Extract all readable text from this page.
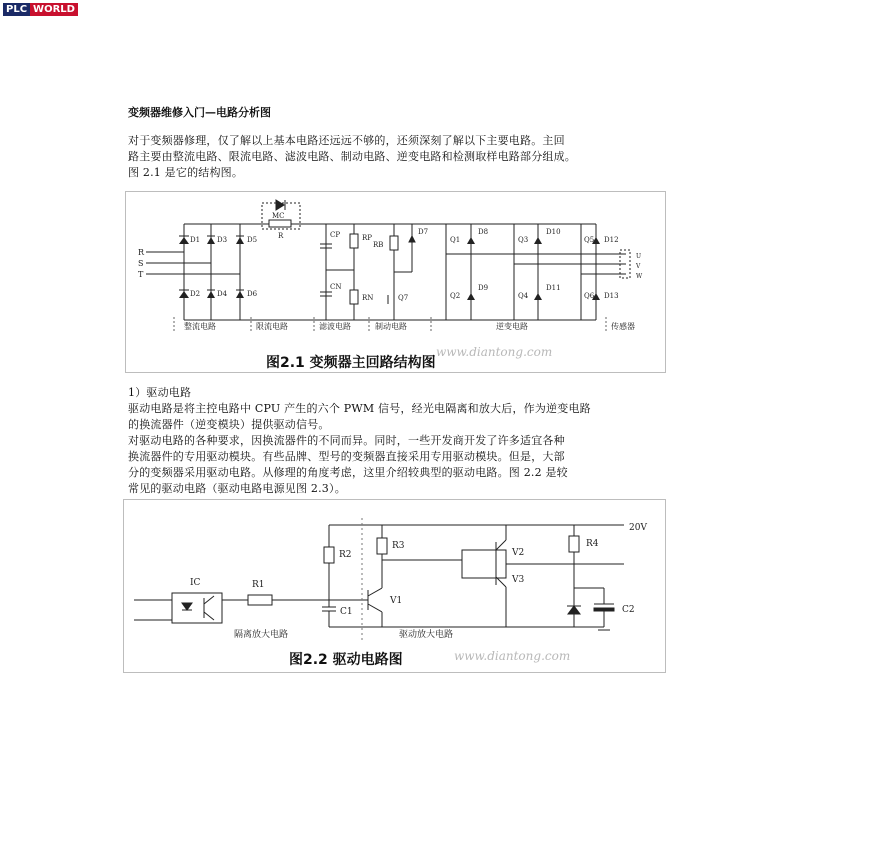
PLC WORLD
变频器维修入门—电路分析图
对于变频器修理，仅了解以上基本电路还远远不够的，还须深刻了解以下主要电路。主回
路主要由整流电路、限流电路、滤波电路、制动电路、逆变电路和检测取样电路部分组成。
图 2.1 是它的结构图。
R
S
T
D1 D3	D5
D2 D4	D6
MC
R	CP
CN
RP
RN
RB
Q7
D7
Q1
D8
Q3
D10
Q5 D12
Q2
D9
Q4
D11
Q6 D13
U
V
W
整流电路	限流电路	滤波电路	制动电路	逆变电路	传感器
www.diantong.com
图2.1 变频器主回路结构图
1）驱动电路
驱动电路是将主控电路中 CPU 产生的六个 PWM 信号，经光电隔离和放大后，作为逆变电路
的换流器件（逆变模块）提供驱动信号。
对驱动电路的各种要求，因换流器件的不同而异。同时，一些开发商开发了许多适宜各种
换流器件的专用驱动模块。有些品牌、型号的变频器直接采用专用驱动模块。但是，大部
分的变频器采用驱动电路。从修理的角度考虑，这里介绍较典型的驱动电路。图 2.2 是较
常见的驱动电路（驱动电路电源见图 2.3）。
20V
IC	R1
R2
C1
V1
R3
V2
V3
R4
C2
隔离放大电路	驱动放大电路
www.diantong.com
图2.2 驱动电路图
